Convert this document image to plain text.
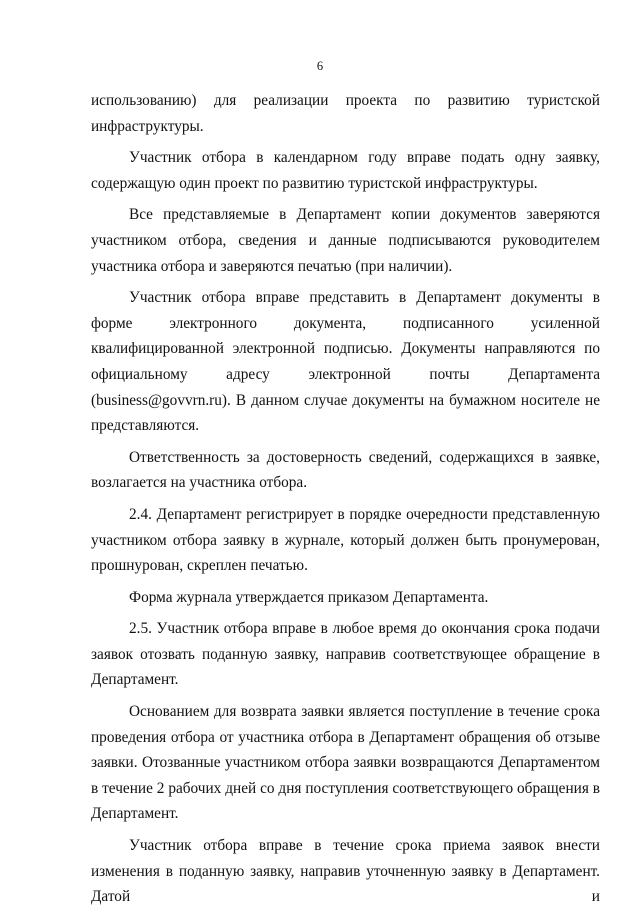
6

использованию) для реализации проекта по развитию туристской инфраструктуры.

Участник отбора в календарном году вправе подать одну заявку, содержащую один проект по развитию туристской инфраструктуры.

Все представляемые в Департамент копии документов заверяются участником отбора, сведения и данные подписываются руководителем участника отбора и заверяются печатью (при наличии).

Участник отбора вправе представить в Департамент документы в форме электронного документа, подписанного усиленной квалифицированной электронной подписью. Документы направляются по официальному адресу электронной почты Департамента (business@govvrn.ru). В данном случае документы на бумажном носителе не представляются.

Ответственность за достоверность сведений, содержащихся в заявке, возлагается на участника отбора.

2.4. Департамент регистрирует в порядке очередности представленную участником отбора заявку в журнале, который должен быть пронумерован, прошнурован, скреплен печатью.

Форма журнала утверждается приказом Департамента.

2.5. Участник отбора вправе в любое время до окончания срока подачи заявок отозвать поданную заявку, направив соответствующее обращение в Департамент.

Основанием для возврата заявки является поступление в течение срока проведения отбора от участника отбора в Департамент обращения об отзыве заявки. Отозванные участником отбора заявки возвращаются Департаментом в течение 2 рабочих дней со дня поступления соответствующего обращения в Департамент.

Участник отбора вправе в течение срока приема заявок внести изменения в поданную заявку, направив уточненную заявку в Департамент. Датой и
